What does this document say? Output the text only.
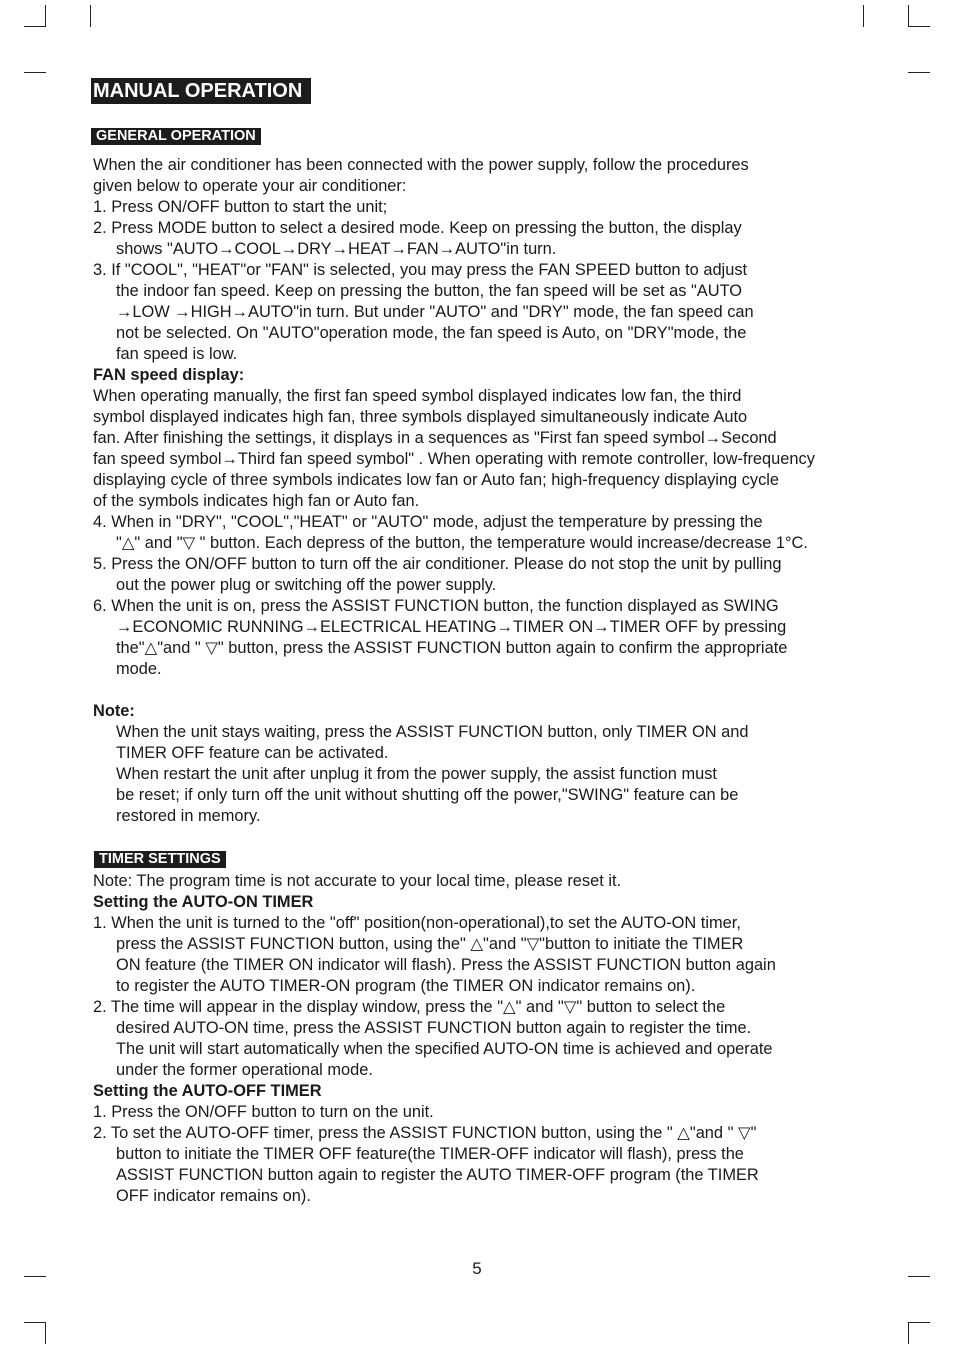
MANUAL OPERATION
GENERAL OPERATION

When the air conditioner has been connected with the power supply, follow the procedures

given below to operate your air conditioner:

1. Press ON/OFF button to start the unit;

2. Press MODE button to select a desired mode. Keep on pressing the button, the display

shows "AUTO→COOL→DRY→HEAT→FAN→AUTO"in turn.

3. If "COOL", "HEAT"or "FAN" is selected, you may press the FAN SPEED button to adjust

the indoor fan speed. Keep on pressing the button, the fan speed will be set as "AUTO

→LOW →HIGH→AUTO"in turn. But under "AUTO" and "DRY" mode, the fan speed can

not be selected. On "AUTO"operation mode, the fan speed is Auto, on "DRY"mode, the

fan speed is low.

FAN speed display:

When operating manually, the first fan speed symbol displayed indicates low fan, the third

symbol displayed indicates high fan, three symbols displayed simultaneously indicate Auto

fan. After finishing the settings, it displays in a sequences as "First fan speed symbol→Second

fan speed symbol→Third fan speed symbol" . When operating with remote controller, low-frequency

displaying cycle of three symbols indicates low fan or Auto fan; high-frequency displaying cycle

of the symbols indicates high fan or Auto fan.

4. When in "DRY", "COOL","HEAT" or "AUTO" mode, adjust the temperature by pressing the

"△" and "▽ " button. Each depress of the button, the temperature would increase/decrease 1°C.

5. Press the ON/OFF button to turn off the air conditioner. Please do not stop the unit by pulling

out the power plug or switching off the power supply.

6. When the unit is on, press the ASSIST FUNCTION button, the function displayed as SWING

→ECONOMIC RUNNING→ELECTRICAL HEATING→TIMER ON→TIMER OFF by pressing

the"△"and " ▽" button, press the ASSIST FUNCTION button again to confirm the appropriate

mode.

Note:

When the unit stays waiting, press the ASSIST FUNCTION button, only TIMER ON and

TIMER OFF feature can be activated.

When restart the unit after unplug it from the power supply, the assist function must

be reset; if only turn off the unit without shutting off the power,"SWING" feature can be

restored in memory.

TIMER SETTINGS

Note: The program time is not accurate to your local time, please reset it.

Setting the AUTO-ON TIMER

1. When the unit is turned to the "off" position(non-operational),to set the AUTO-ON timer,

press the ASSIST FUNCTION button, using the" △"and "▽"button to initiate the TIMER

ON feature (the TIMER ON indicator will flash). Press the ASSIST FUNCTION button again

to register the AUTO TIMER-ON program (the TIMER ON indicator remains on).

2. The time will appear in the display window, press the "△" and "▽" button to select the

desired AUTO-ON time, press the ASSIST FUNCTION button again to register the time.

The unit will start automatically when the specified AUTO-ON time is achieved and operate

under the former operational mode.

Setting the AUTO-OFF TIMER

1. Press the ON/OFF button to turn on the unit.

2. To set the AUTO-OFF timer, press the ASSIST FUNCTION button, using the " △"and " ▽"

button to initiate the TIMER OFF feature(the TIMER-OFF indicator will flash), press the

ASSIST FUNCTION button again to register the AUTO TIMER-OFF program (the TIMER

OFF indicator remains on).

5
